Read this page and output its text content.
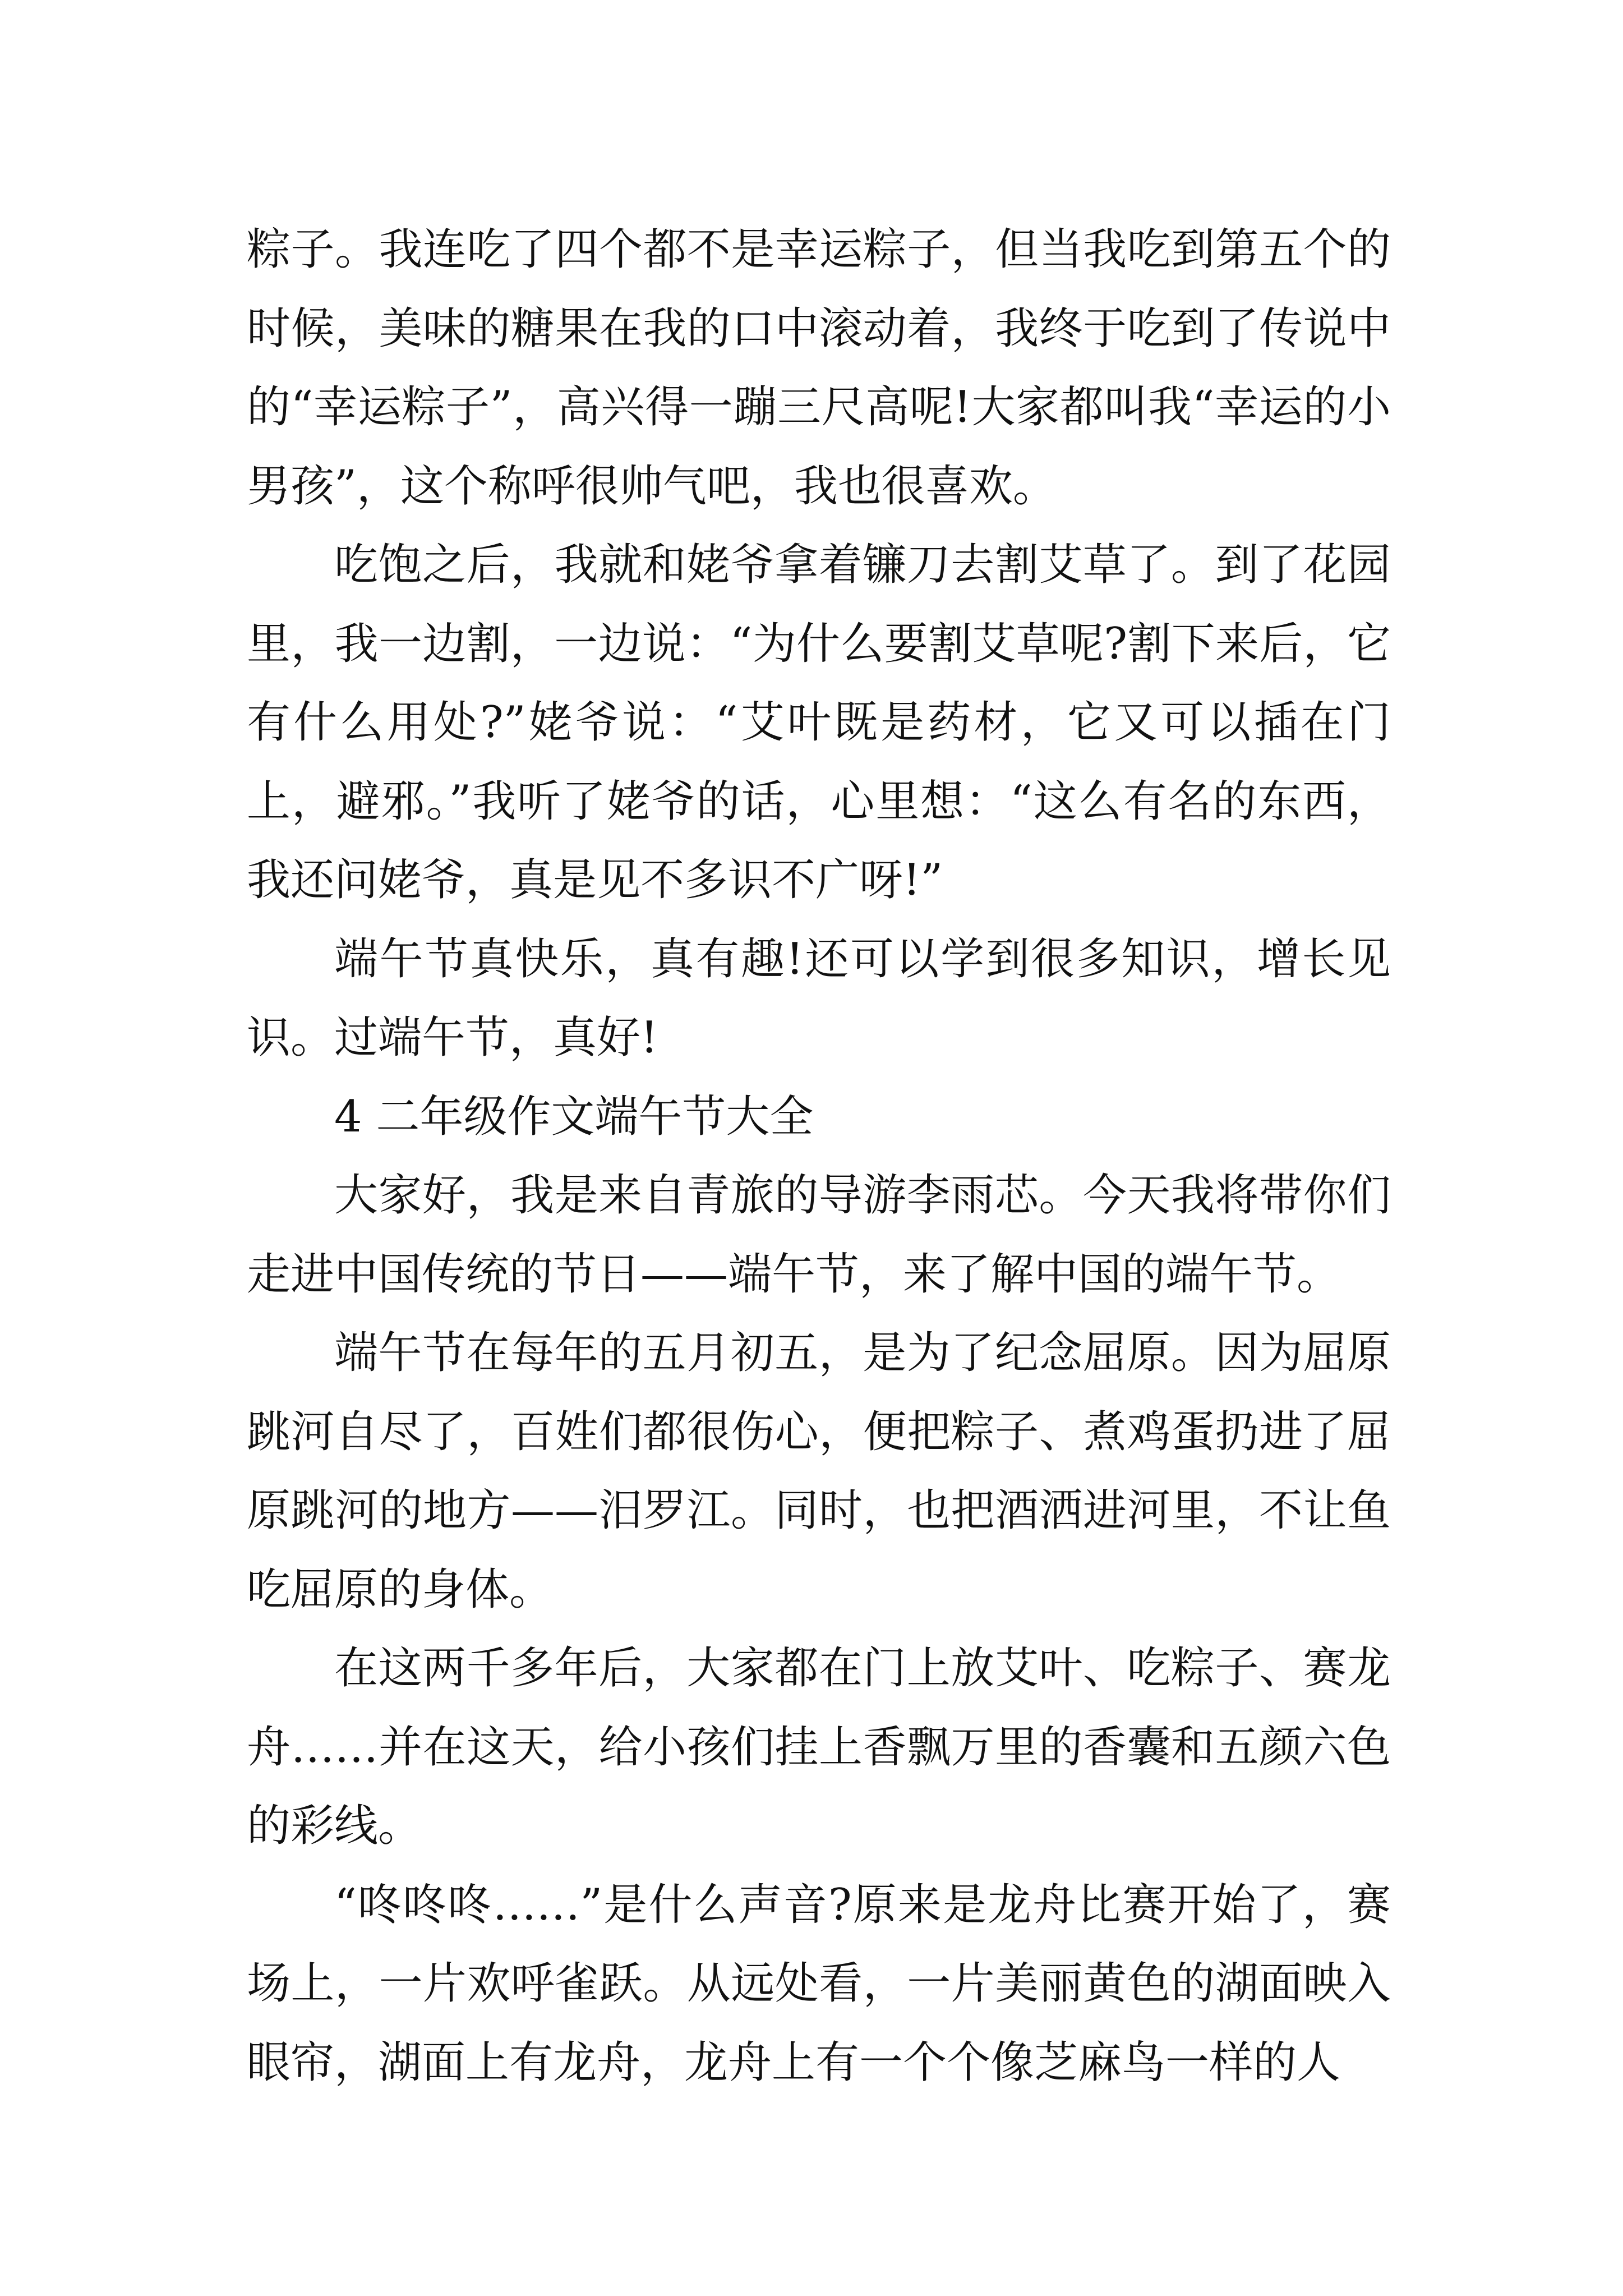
粽子。我连吃了四个都不是幸运粽子，但当我吃到第五个的时候，美味的糖果在我的口中滚动着，我终于吃到了传说中的“幸运粽子”，高兴得一蹦三尺高呢!大家都叫我“幸运的小男孩”，这个称呼很帅气吧，我也很喜欢。

吃饱之后，我就和姥爷拿着镰刀去割艾草了。到了花园里，我一边割，一边说：“为什么要割艾草呢?割下来后，它有什么用处?”姥爷说：“艾叶既是药材，它又可以插在门上，避邪。”我听了姥爷的话，心里想：“这么有名的东西，我还问姥爷，真是见不多识不广呀!”

端午节真快乐，真有趣!还可以学到很多知识，增长见识。过端午节，真好!

4 二年级作文端午节大全

大家好，我是来自青旅的导游李雨芯。今天我将带你们走进中国传统的节日——端午节，来了解中国的端午节。

端午节在每年的五月初五，是为了纪念屈原。因为屈原跳河自尽了，百姓们都很伤心，便把粽子、煮鸡蛋扔进了屈原跳河的地方——汨罗江。同时，也把酒洒进河里，不让鱼吃屈原的身体。

在这两千多年后，大家都在门上放艾叶、吃粽子、赛龙舟……并在这天，给小孩们挂上香飘万里的香囊和五颜六色的彩线。

“咚咚咚……”是什么声音?原来是龙舟比赛开始了，赛场上，一片欢呼雀跃。从远处看，一片美丽黄色的湖面映入眼帘，湖面上有龙舟，龙舟上有一个个像芝麻鸟一样的人
